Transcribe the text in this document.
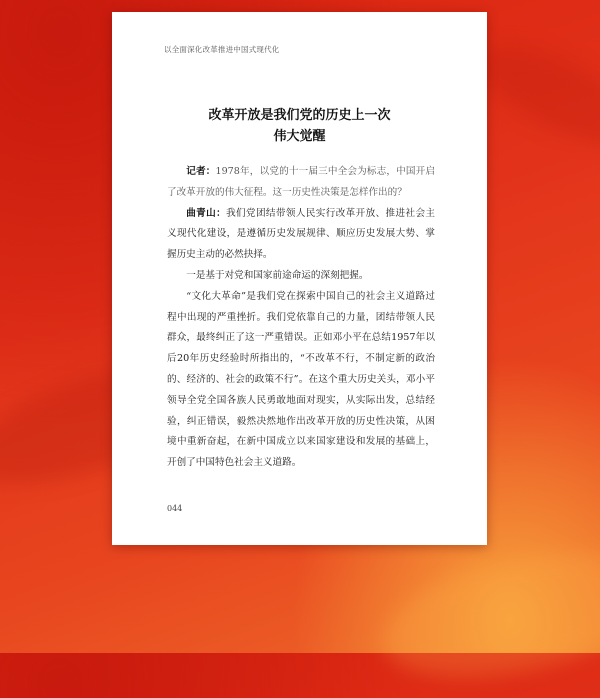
以全面深化改革推进中国式现代化
改革开放是我们党的历史上一次
伟大觉醒

记者：1978年，以党的十一届三中全会为标志，中国开启了改革开放的伟大征程。这一历史性决策是怎样作出的？

曲青山：我们党团结带领人民实行改革开放、推进社会主义现代化建设，是遵循历史发展规律、顺应历史发展大势、掌握历史主动的必然抉择。

一是基于对党和国家前途命运的深刻把握。

“文化大革命”是我们党在探索中国自己的社会主义道路过程中出现的严重挫折。我们党依靠自己的力量，团结带领人民群众，最终纠正了这一严重错误。正如邓小平在总结1957年以后20年历史经验时所指出的，“不改革不行，不制定新的政治的、经济的、社会的政策不行”。在这个重大历史关头，邓小平领导全党全国各族人民勇敢地面对现实，从实际出发，总结经验，纠正错误，毅然决然地作出改革开放的历史性决策，从困境中重新奋起，在新中国成立以来国家建设和发展的基础上，开创了中国特色社会主义道路。

044
